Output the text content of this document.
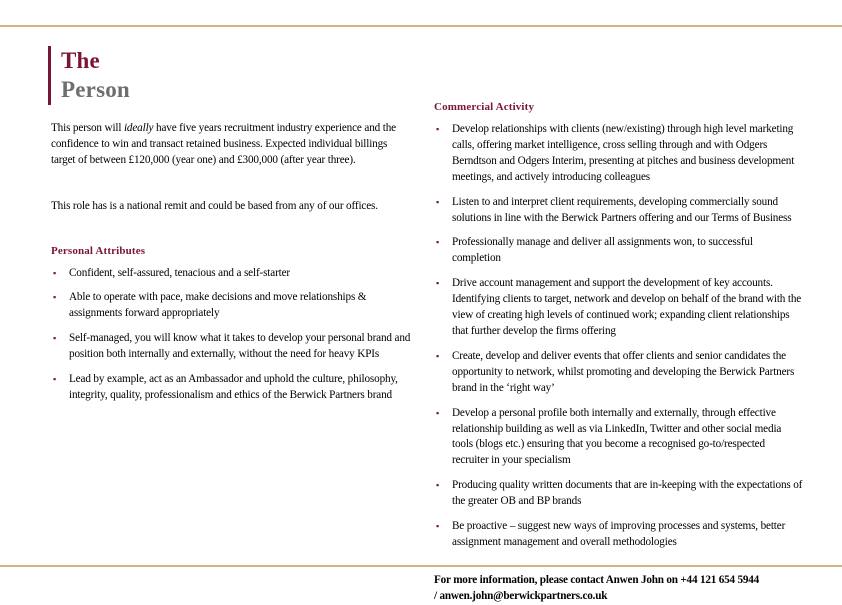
The
Person

This person will ideally have five years recruitment industry experience and the confidence to win and transact retained business. Expected individual billings target of between £120,000 (year one) and £300,000 (after year three).

This role has is a national remit and could be based from any of our offices.

Personal Attributes
▪ Confident, self-assured, tenacious and a self-starter
▪ Able to operate with pace, make decisions and move relationships & assignments forward appropriately
▪ Self-managed, you will know what it takes to develop your personal brand and position both internally and externally, without the need for heavy KPIs
▪ Lead by example, act as an Ambassador and uphold the culture, philosophy, integrity, quality, professionalism and ethics of the Berwick Partners brand
Commercial Activity
▪ Develop relationships with clients (new/existing) through high level marketing calls, offering market intelligence, cross selling through and with Odgers Berndtson and Odgers Interim, presenting at pitches and business development meetings, and actively introducing colleagues
▪ Listen to and interpret client requirements, developing commercially sound solutions in line with the Berwick Partners offering and our Terms of Business
▪ Professionally manage and deliver all assignments won, to successful completion
▪ Drive account management and support the development of key accounts. Identifying clients to target, network and develop on behalf of the brand with the view of creating high levels of continued work; expanding client relationships that further develop the firms offering
▪ Create, develop and deliver events that offer clients and senior candidates the opportunity to network, whilst promoting and developing the Berwick Partners brand in the ‘right way’
▪ Develop a personal profile both internally and externally, through effective relationship building as well as via LinkedIn, Twitter and other social media tools (blogs etc.) ensuring that you become a recognised go-to/respected recruiter in your specialism
▪ Producing quality written documents that are in-keeping with the expectations of the greater OB and BP brands
▪ Be proactive – suggest new ways of improving processes and systems, better assignment management and overall methodologies
For more information, please contact Anwen John on +44 121 654 5944
/ anwen.john@berwickpartners.co.uk
